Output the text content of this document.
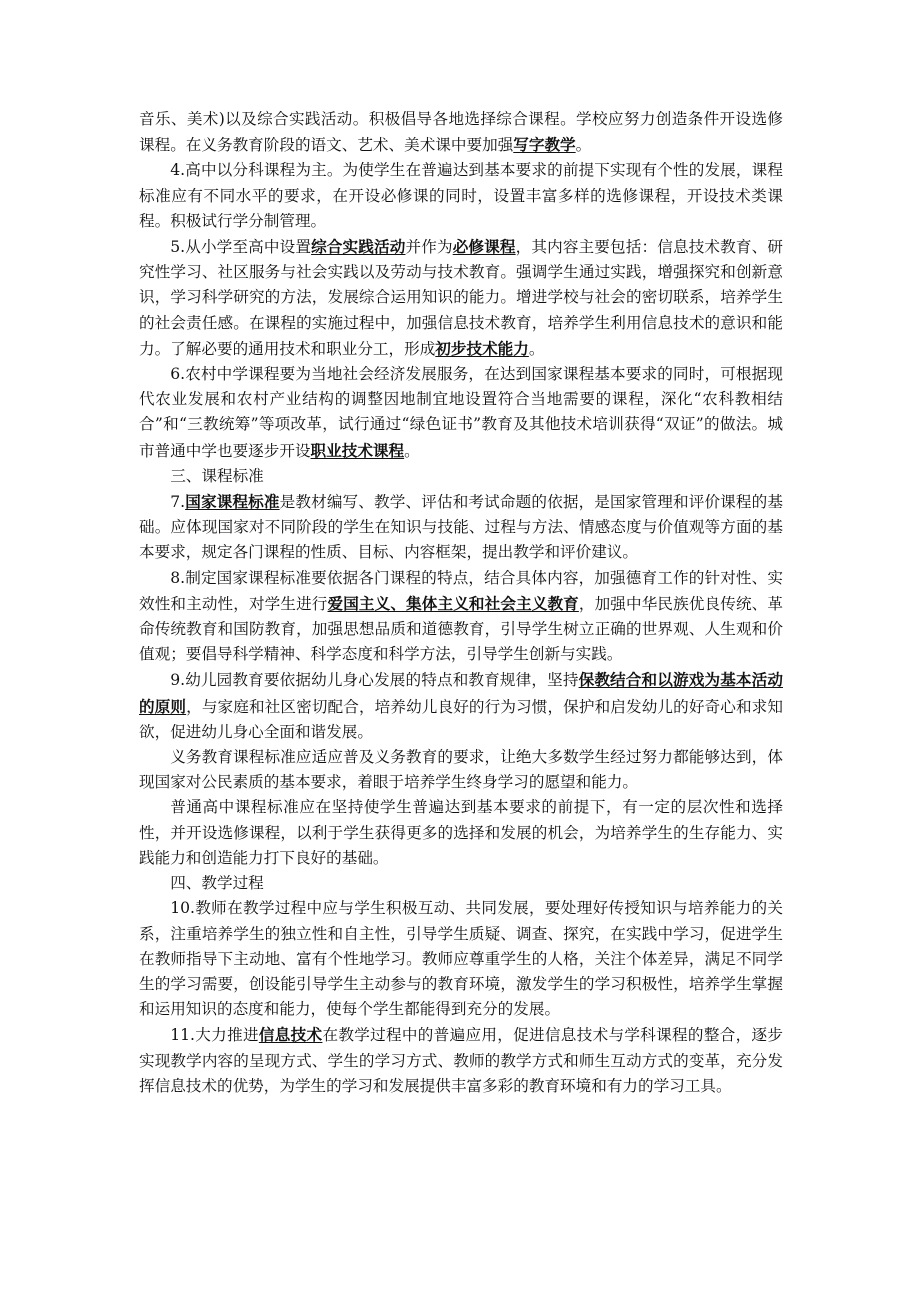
音乐、美术)以及综合实践活动。积极倡导各地选择综合课程。学校应努力创造条件开设选修课程。在义务教育阶段的语文、艺术、美术课中要加强写字教学。

4.高中以分科课程为主。为使学生在普遍达到基本要求的前提下实现有个性的发展，课程标准应有不同水平的要求，在开设必修课的同时，设置丰富多样的选修课程，开设技术类课程。积极试行学分制管理。

5.从小学至高中设置综合实践活动并作为必修课程，其内容主要包括：信息技术教育、研究性学习、社区服务与社会实践以及劳动与技术教育。强调学生通过实践，增强探究和创新意识，学习科学研究的方法，发展综合运用知识的能力。增进学校与社会的密切联系，培养学生的社会责任感。在课程的实施过程中，加强信息技术教育，培养学生利用信息技术的意识和能力。了解必要的通用技术和职业分工，形成初步技术能力。

6.农村中学课程要为当地社会经济发展服务，在达到国家课程基本要求的同时，可根据现代农业发展和农村产业结构的调整因地制宜地设置符合当地需要的课程，深化“农科教相结合”和“三教统筹”等项改革，试行通过“绿色证书”教育及其他技术培训获得“双证”的做法。城市普通中学也要逐步开设职业技术课程。

三、课程标准

7.国家课程标准是教材编写、教学、评估和考试命题的依据，是国家管理和评价课程的基础。应体现国家对不同阶段的学生在知识与技能、过程与方法、情感态度与价值观等方面的基本要求，规定各门课程的性质、目标、内容框架，提出教学和评价建议。

8.制定国家课程标准要依据各门课程的特点，结合具体内容，加强德育工作的针对性、实效性和主动性，对学生进行爱国主义、集体主义和社会主义教育，加强中华民族优良传统、革命传统教育和国防教育，加强思想品质和道德教育，引导学生树立正确的世界观、人生观和价值观；要倡导科学精神、科学态度和科学方法，引导学生创新与实践。

9.幼儿园教育要依据幼儿身心发展的特点和教育规律，坚持保教结合和以游戏为基本活动的原则，与家庭和社区密切配合，培养幼儿良好的行为习惯，保护和启发幼儿的好奇心和求知欲，促进幼儿身心全面和谐发展。

义务教育课程标准应适应普及义务教育的要求，让绝大多数学生经过努力都能够达到，体现国家对公民素质的基本要求，着眼于培养学生终身学习的愿望和能力。

普通高中课程标准应在坚持使学生普遍达到基本要求的前提下，有一定的层次性和选择性，并开设选修课程，以利于学生获得更多的选择和发展的机会，为培养学生的生存能力、实践能力和创造能力打下良好的基础。

四、教学过程

10.教师在教学过程中应与学生积极互动、共同发展，要处理好传授知识与培养能力的关系，注重培养学生的独立性和自主性，引导学生质疑、调查、探究，在实践中学习，促进学生在教师指导下主动地、富有个性地学习。教师应尊重学生的人格，关注个体差异，满足不同学生的学习需要，创设能引导学生主动参与的教育环境，激发学生的学习积极性，培养学生掌握和运用知识的态度和能力，使每个学生都能得到充分的发展。

11.大力推进信息技术在教学过程中的普遍应用，促进信息技术与学科课程的整合，逐步实现教学内容的呈现方式、学生的学习方式、教师的教学方式和师生互动方式的变革，充分发挥信息技术的优势，为学生的学习和发展提供丰富多彩的教育环境和有力的学习工具。
